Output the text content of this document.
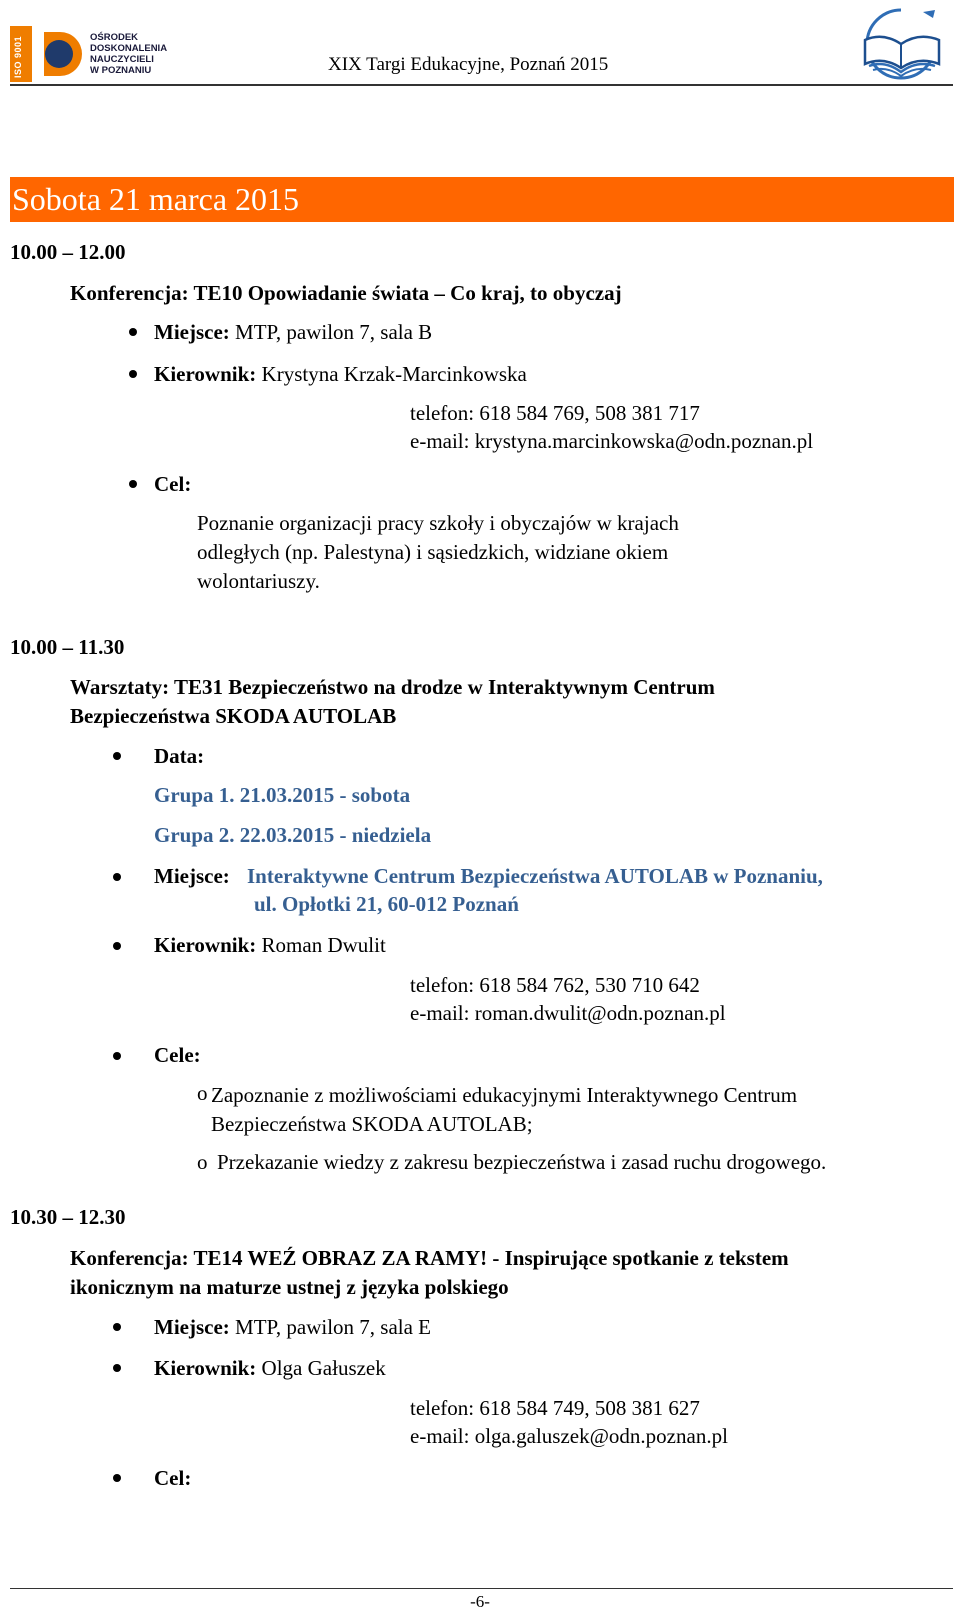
ISO 9001	OŚRODEK
DOSKONALENIA
NAUCZYCIELI
W POZNANIU	XIX Targi Edukacyjne, Poznań 2015
Sobota 21 marca 2015
10.00 – 12.00
Konferencja: TE10 Opowiadanie świata – Co kraj, to obyczaj
Miejsce: MTP, pawilon 7, sala B
Kierownik: Krystyna Krzak-Marcinkowska
telefon: 618 584 769, 508 381 717
e-mail: krystyna.marcinkowska@odn.poznan.pl
Cel:
Poznanie organizacji pracy szkoły i obyczajów w krajach
odległych (np. Palestyna) i sąsiedzkich, widziane okiem
wolontariuszy.
10.00 – 11.30
Warsztaty: TE31 Bezpieczeństwo na drodze w Interaktywnym Centrum
Bezpieczeństwa SKODA AUTOLAB
Data:
Grupa 1. 21.03.2015 - sobota
Grupa 2. 22.03.2015 - niedziela
Miejsce: Interaktywne Centrum Bezpieczeństwa AUTOLAB w Poznaniu,
ul. Opłotki 21, 60-012 Poznań
Kierownik: Roman Dwulit
telefon: 618 584 762, 530 710 642
e-mail: roman.dwulit@odn.poznan.pl
Cele:
o Zapoznanie z możliwościami edukacyjnymi Interaktywnego Centrum
Bezpieczeństwa SKODA AUTOLAB;
o Przekazanie wiedzy z zakresu bezpieczeństwa i zasad ruchu drogowego.
10.30 – 12.30
Konferencja: TE14 WEŹ OBRAZ ZA RAMY! - Inspirujące spotkanie z tekstem
ikonicznym na maturze ustnej z języka polskiego
Miejsce: MTP, pawilon 7, sala E
Kierownik: Olga Gałuszek
telefon: 618 584 749, 508 381 627
e-mail: olga.galuszek@odn.poznan.pl
Cel:
-6-
